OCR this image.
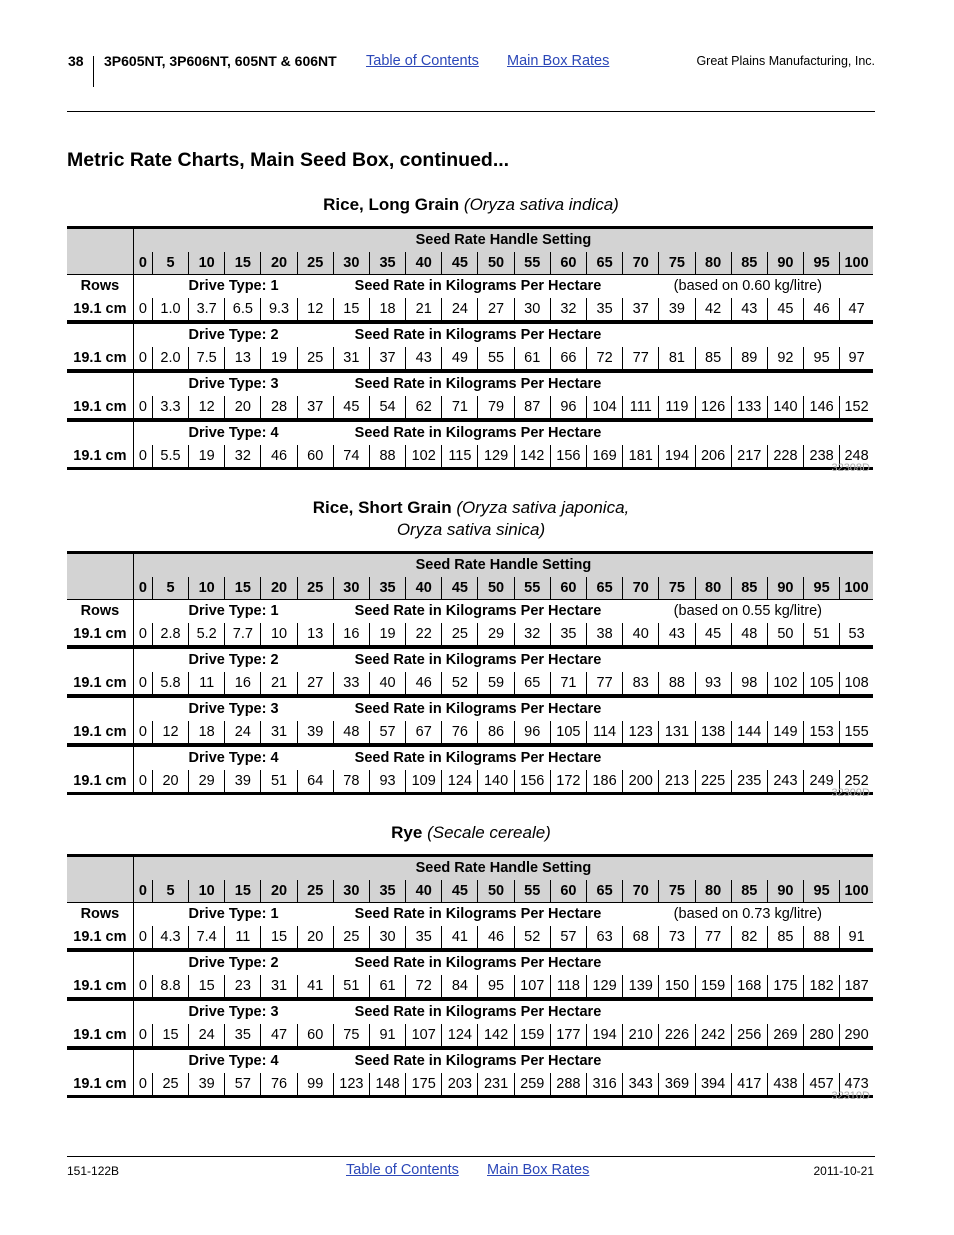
38 3P605NT, 3P606NT, 605NT & 606NT Table of Contents Main Box Rates	Great Plains Manufacturing, Inc.
Metric Rate Charts, Main Seed Box, continued...
Rice, Long Grain (Oryza sativa indica)
Rice, Short Grain (Oryza sativa japonica,
Oryza sativa sinica)
Rye (Secale cereale)

	Seed Rate Handle Setting																				
	0	5	10	15	20	25	30	35	40	45	50	55	60	65	70	75	80	85	90	95	100

Rows	Drive Type: 1						Seed Rate in Kilograms Per Hectare								(based on 0.60 kg/litre)						
19.1 cm	0	1.0	3.7	6.5	9.3	12	15	18	21	24	27	30	32	35	37	39	42	43	45	46	47

	Drive Type: 2						Seed Rate in Kilograms Per Hectare														
19.1 cm	0	2.0	7.5	13	19	25	31	37	43	49	55	61	66	72	77	81	85	89	92	95	97

	Drive Type: 3						Seed Rate in Kilograms Per Hectare														
19.1 cm	0	3.3	12	20	28	37	45	54	62	71	79	87	96	104	111	119	126	133	140	146	152

	Drive Type: 4						Seed Rate in Kilograms Per Hectare														
19.1 cm	0	5.5	19	32	46	60	74	88	102	115	129	142	156	169	181	194	206	217	228	238	248

	Seed Rate Handle Setting																				
	0	5	10	15	20	25	30	35	40	45	50	55	60	65	70	75	80	85	90	95	100

Rows	Drive Type: 1						Seed Rate in Kilograms Per Hectare								(based on 0.55 kg/litre)						
19.1 cm	0	2.8	5.2	7.7	10	13	16	19	22	25	29	32	35	38	40	43	45	48	50	51	53

	Drive Type: 2						Seed Rate in Kilograms Per Hectare														
19.1 cm	0	5.8	11	16	21	27	33	40	46	52	59	65	71	77	83	88	93	98	102	105	108

	Drive Type: 3						Seed Rate in Kilograms Per Hectare														
19.1 cm	0	12	18	24	31	39	48	57	67	76	86	96	105	114	123	131	138	144	149	153	155

	Drive Type: 4						Seed Rate in Kilograms Per Hectare														
19.1 cm	0	20	29	39	51	64	78	93	109	124	140	156	172	186	200	213	225	235	243	249	252

	Seed Rate Handle Setting																				
	0	5	10	15	20	25	30	35	40	45	50	55	60	65	70	75	80	85	90	95	100

Rows	Drive Type: 1						Seed Rate in Kilograms Per Hectare								(based on 0.73 kg/litre)						
19.1 cm	0	4.3	7.4	11	15	20	25	30	35	41	46	52	57	63	68	73	77	82	85	88	91

	Drive Type: 2						Seed Rate in Kilograms Per Hectare														
19.1 cm	0	8.8	15	23	31	41	51	61	72	84	95	107	118	129	139	150	159	168	175	182	187

	Drive Type: 3						Seed Rate in Kilograms Per Hectare														
19.1 cm	0	15	24	35	47	60	75	91	107	124	142	159	177	194	210	226	242	256	269	280	290

	Drive Type: 4						Seed Rate in Kilograms Per Hectare														
19.1 cm	0	25	39	57	76	99	123	148	175	203	231	259	288	316	343	369	394	417	438	457	473
32308D
32309D
32310D
151-122B	Table of Contents Main Box Rates	2011-10-21
